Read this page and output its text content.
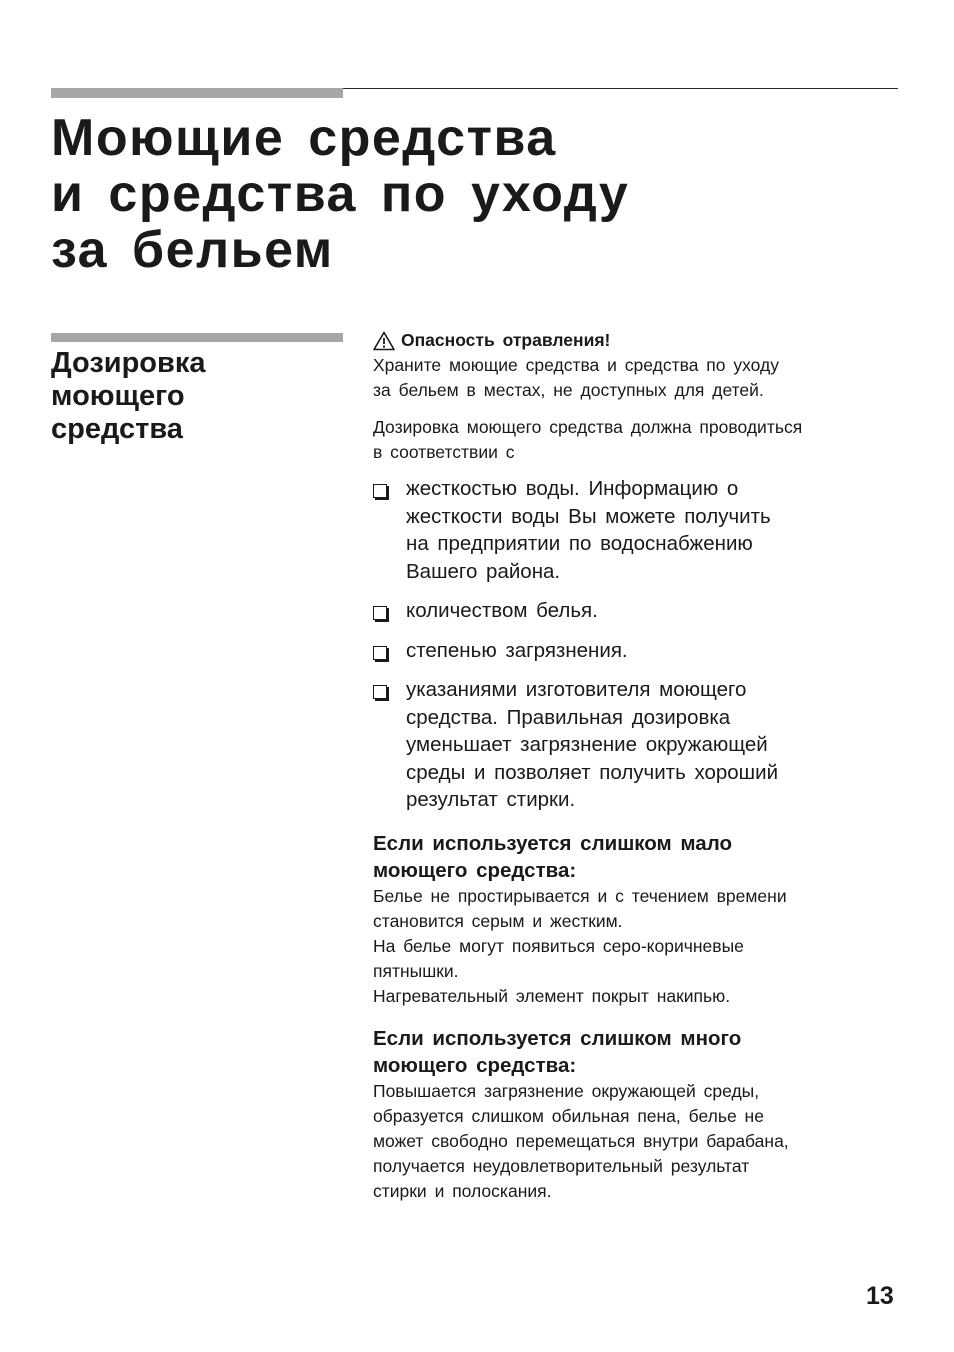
Моющие средства
и средства по уходу
за бельем
Дозировка
моющего
средства
Опасность отравления!

Храните моющие средства и средства по уходу
за бельем в местах, не доступных для детей.

Дозировка моющего средства должна проводиться
в соответствии с

жесткостью воды. Информацию о
жесткости воды Вы можете получить
на предприятии по водоснабжению
Вашего района.
количеством белья.
степенью загрязнения.
указаниями изготовителя моющего
средства. Правильная дозировка
уменьшает загрязнение окружающей
среды и позволяет получить хороший
результат стирки.
Если используется слишком мало
моющего средства:

Белье не простирывается и с течением времени
становится серым и жестким.
На белье могут появиться серо-коричневые
пятнышки.
Нагревательный элемент покрыт накипью.

Если используется слишком много
моющего средства:

Повышается загрязнение окружающей среды,
образуется слишком обильная пена, белье не
может свободно перемещаться внутри барабана,
получается неудовлетворительный результат
стирки и полоскания.

13
